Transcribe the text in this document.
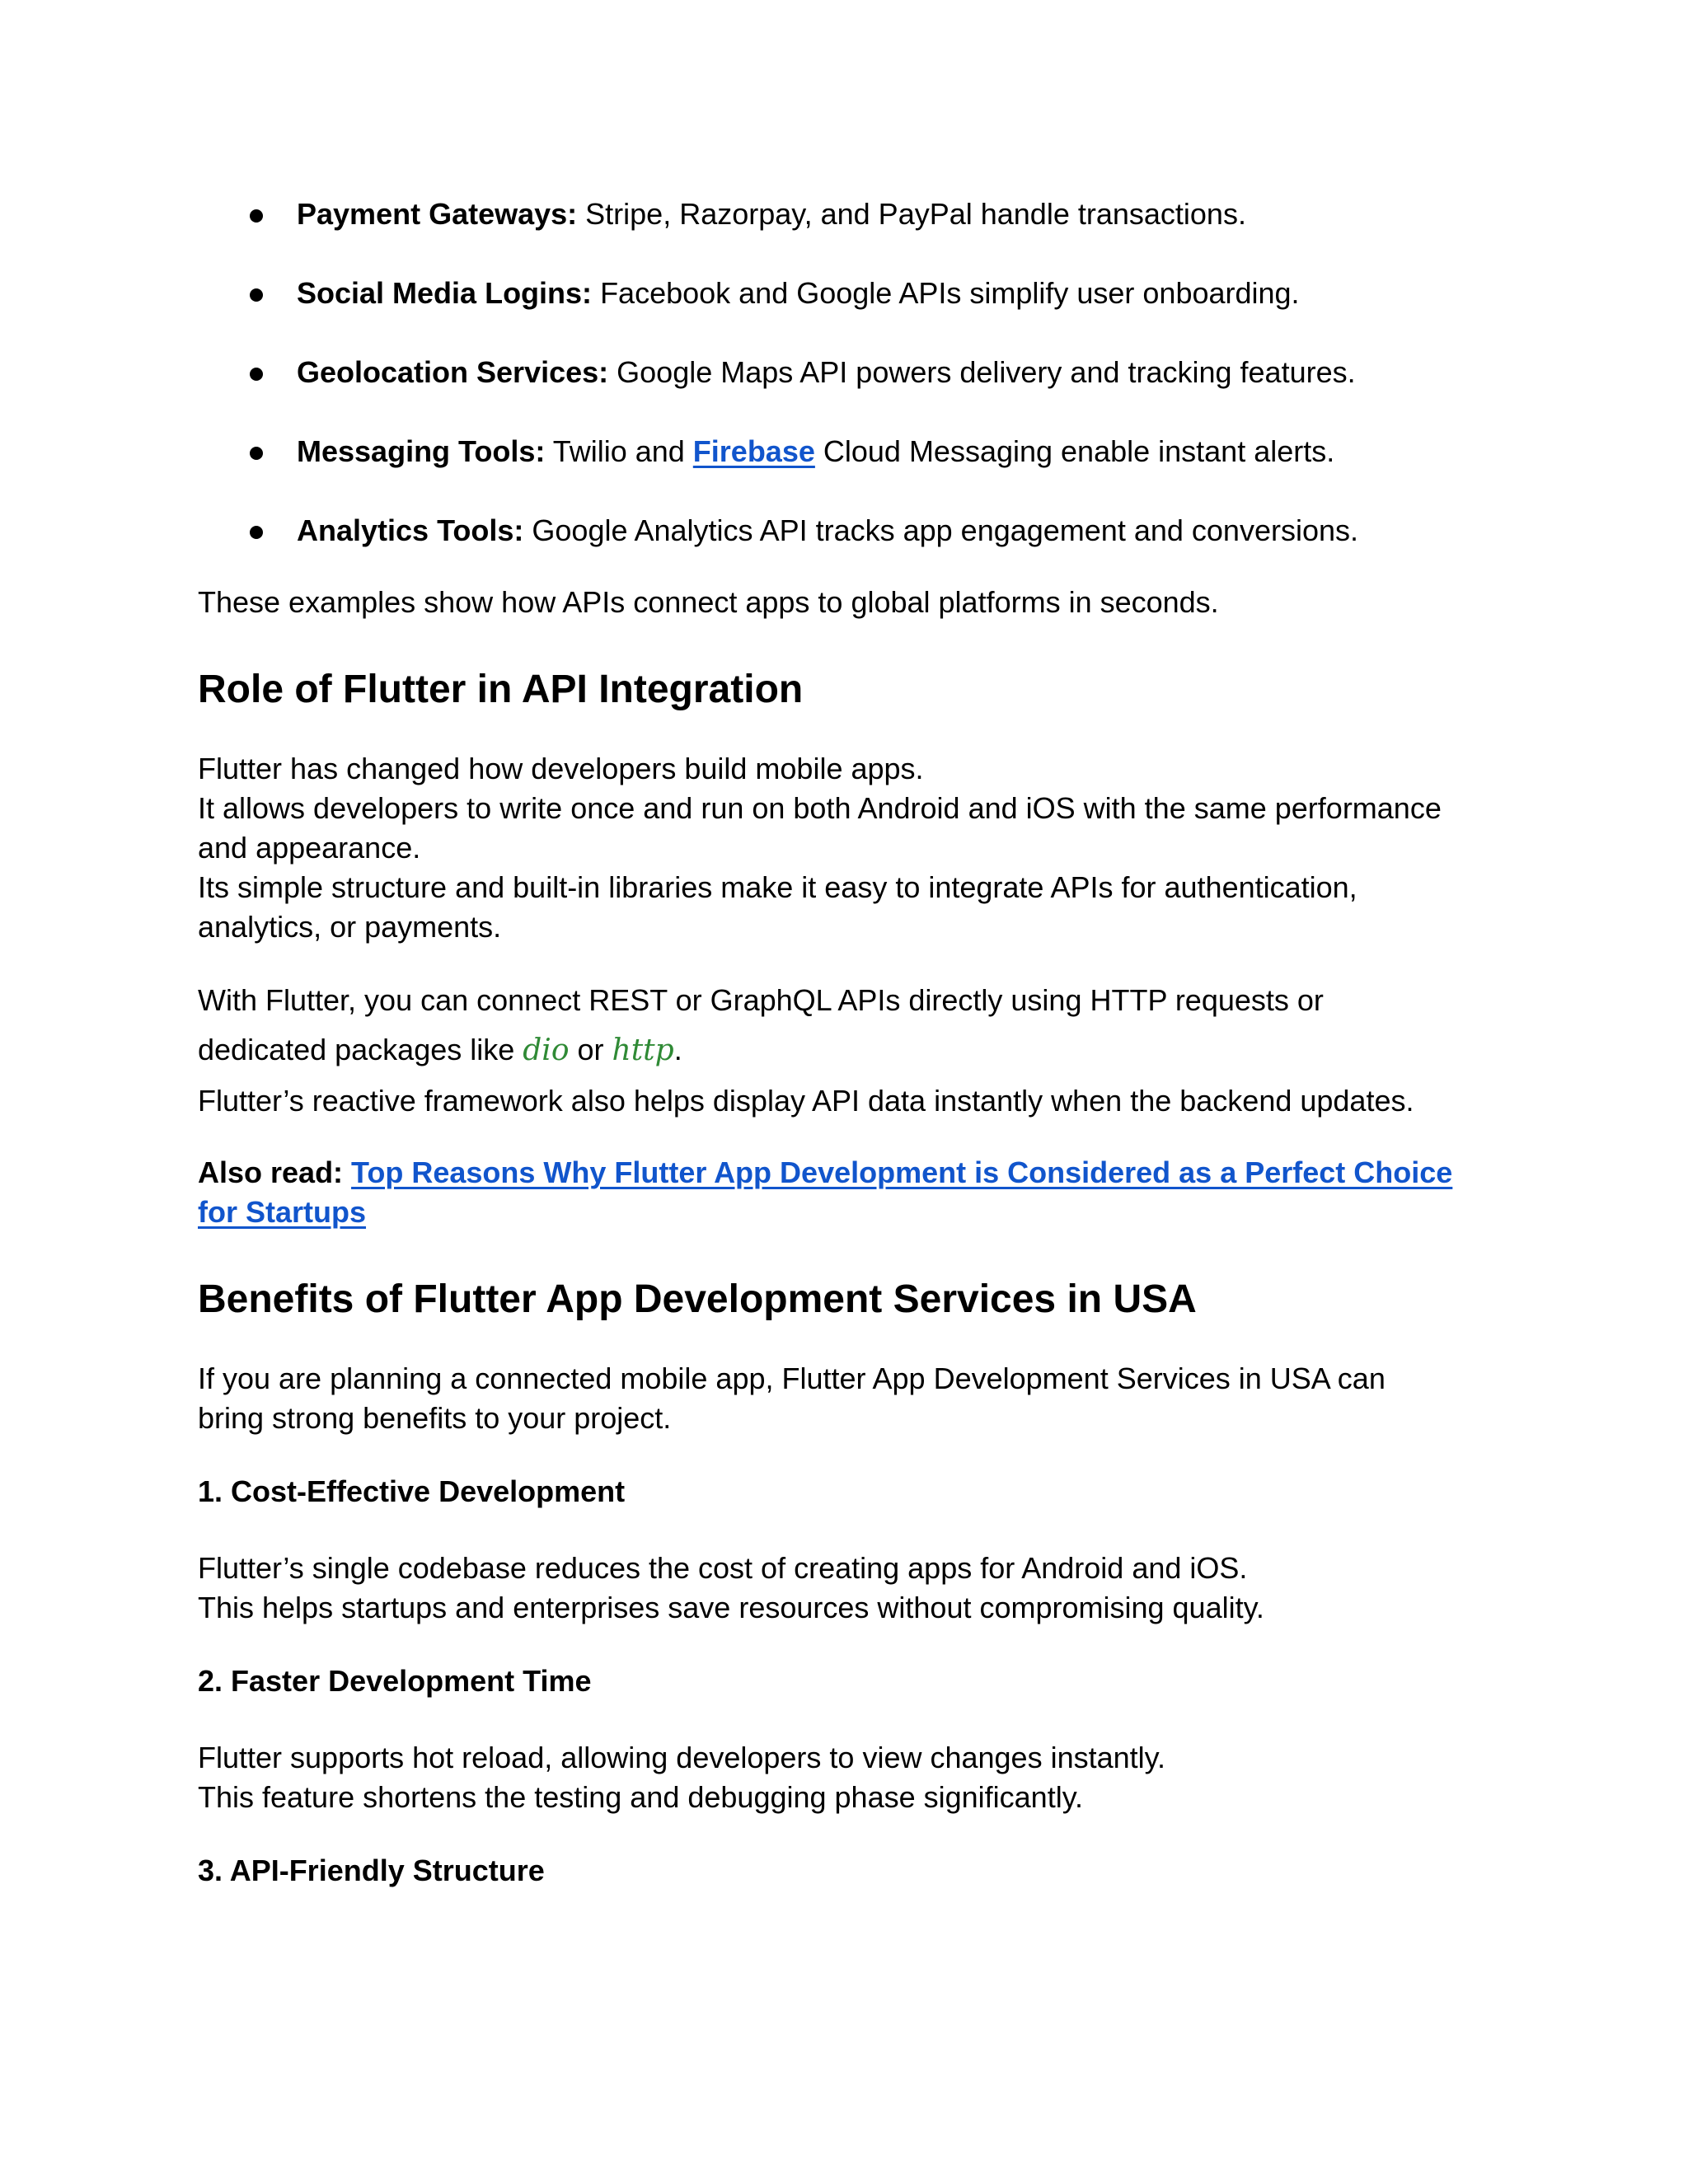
Payment Gateways: Stripe, Razorpay, and PayPal handle transactions.
Social Media Logins: Facebook and Google APIs simplify user onboarding.
Geolocation Services: Google Maps API powers delivery and tracking features.
Messaging Tools: Twilio and Firebase Cloud Messaging enable instant alerts.
Analytics Tools: Google Analytics API tracks app engagement and conversions.

These examples show how APIs connect apps to global platforms in seconds.

Role of Flutter in API Integration
Flutter has changed how developers build mobile apps.
It allows developers to write once and run on both Android and iOS with the same performance
and appearance.
Its simple structure and built-in libraries make it easy to integrate APIs for authentication,
analytics, or payments.
With Flutter, you can connect REST or GraphQL APIs directly using HTTP requests or
dedicated packages like dio or http.
Flutter’s reactive framework also helps display API data instantly when the backend updates.
Also read: Top Reasons Why Flutter App Development is Considered as a Perfect Choice
for Startups
Benefits of Flutter App Development Services in USA
If you are planning a connected mobile app, Flutter App Development Services in USA can
bring strong benefits to your project.
1. Cost-Effective Development
Flutter’s single codebase reduces the cost of creating apps for Android and iOS.
This helps startups and enterprises save resources without compromising quality.
2. Faster Development Time
Flutter supports hot reload, allowing developers to view changes instantly.
This feature shortens the testing and debugging phase significantly.
3. API-Friendly Structure
